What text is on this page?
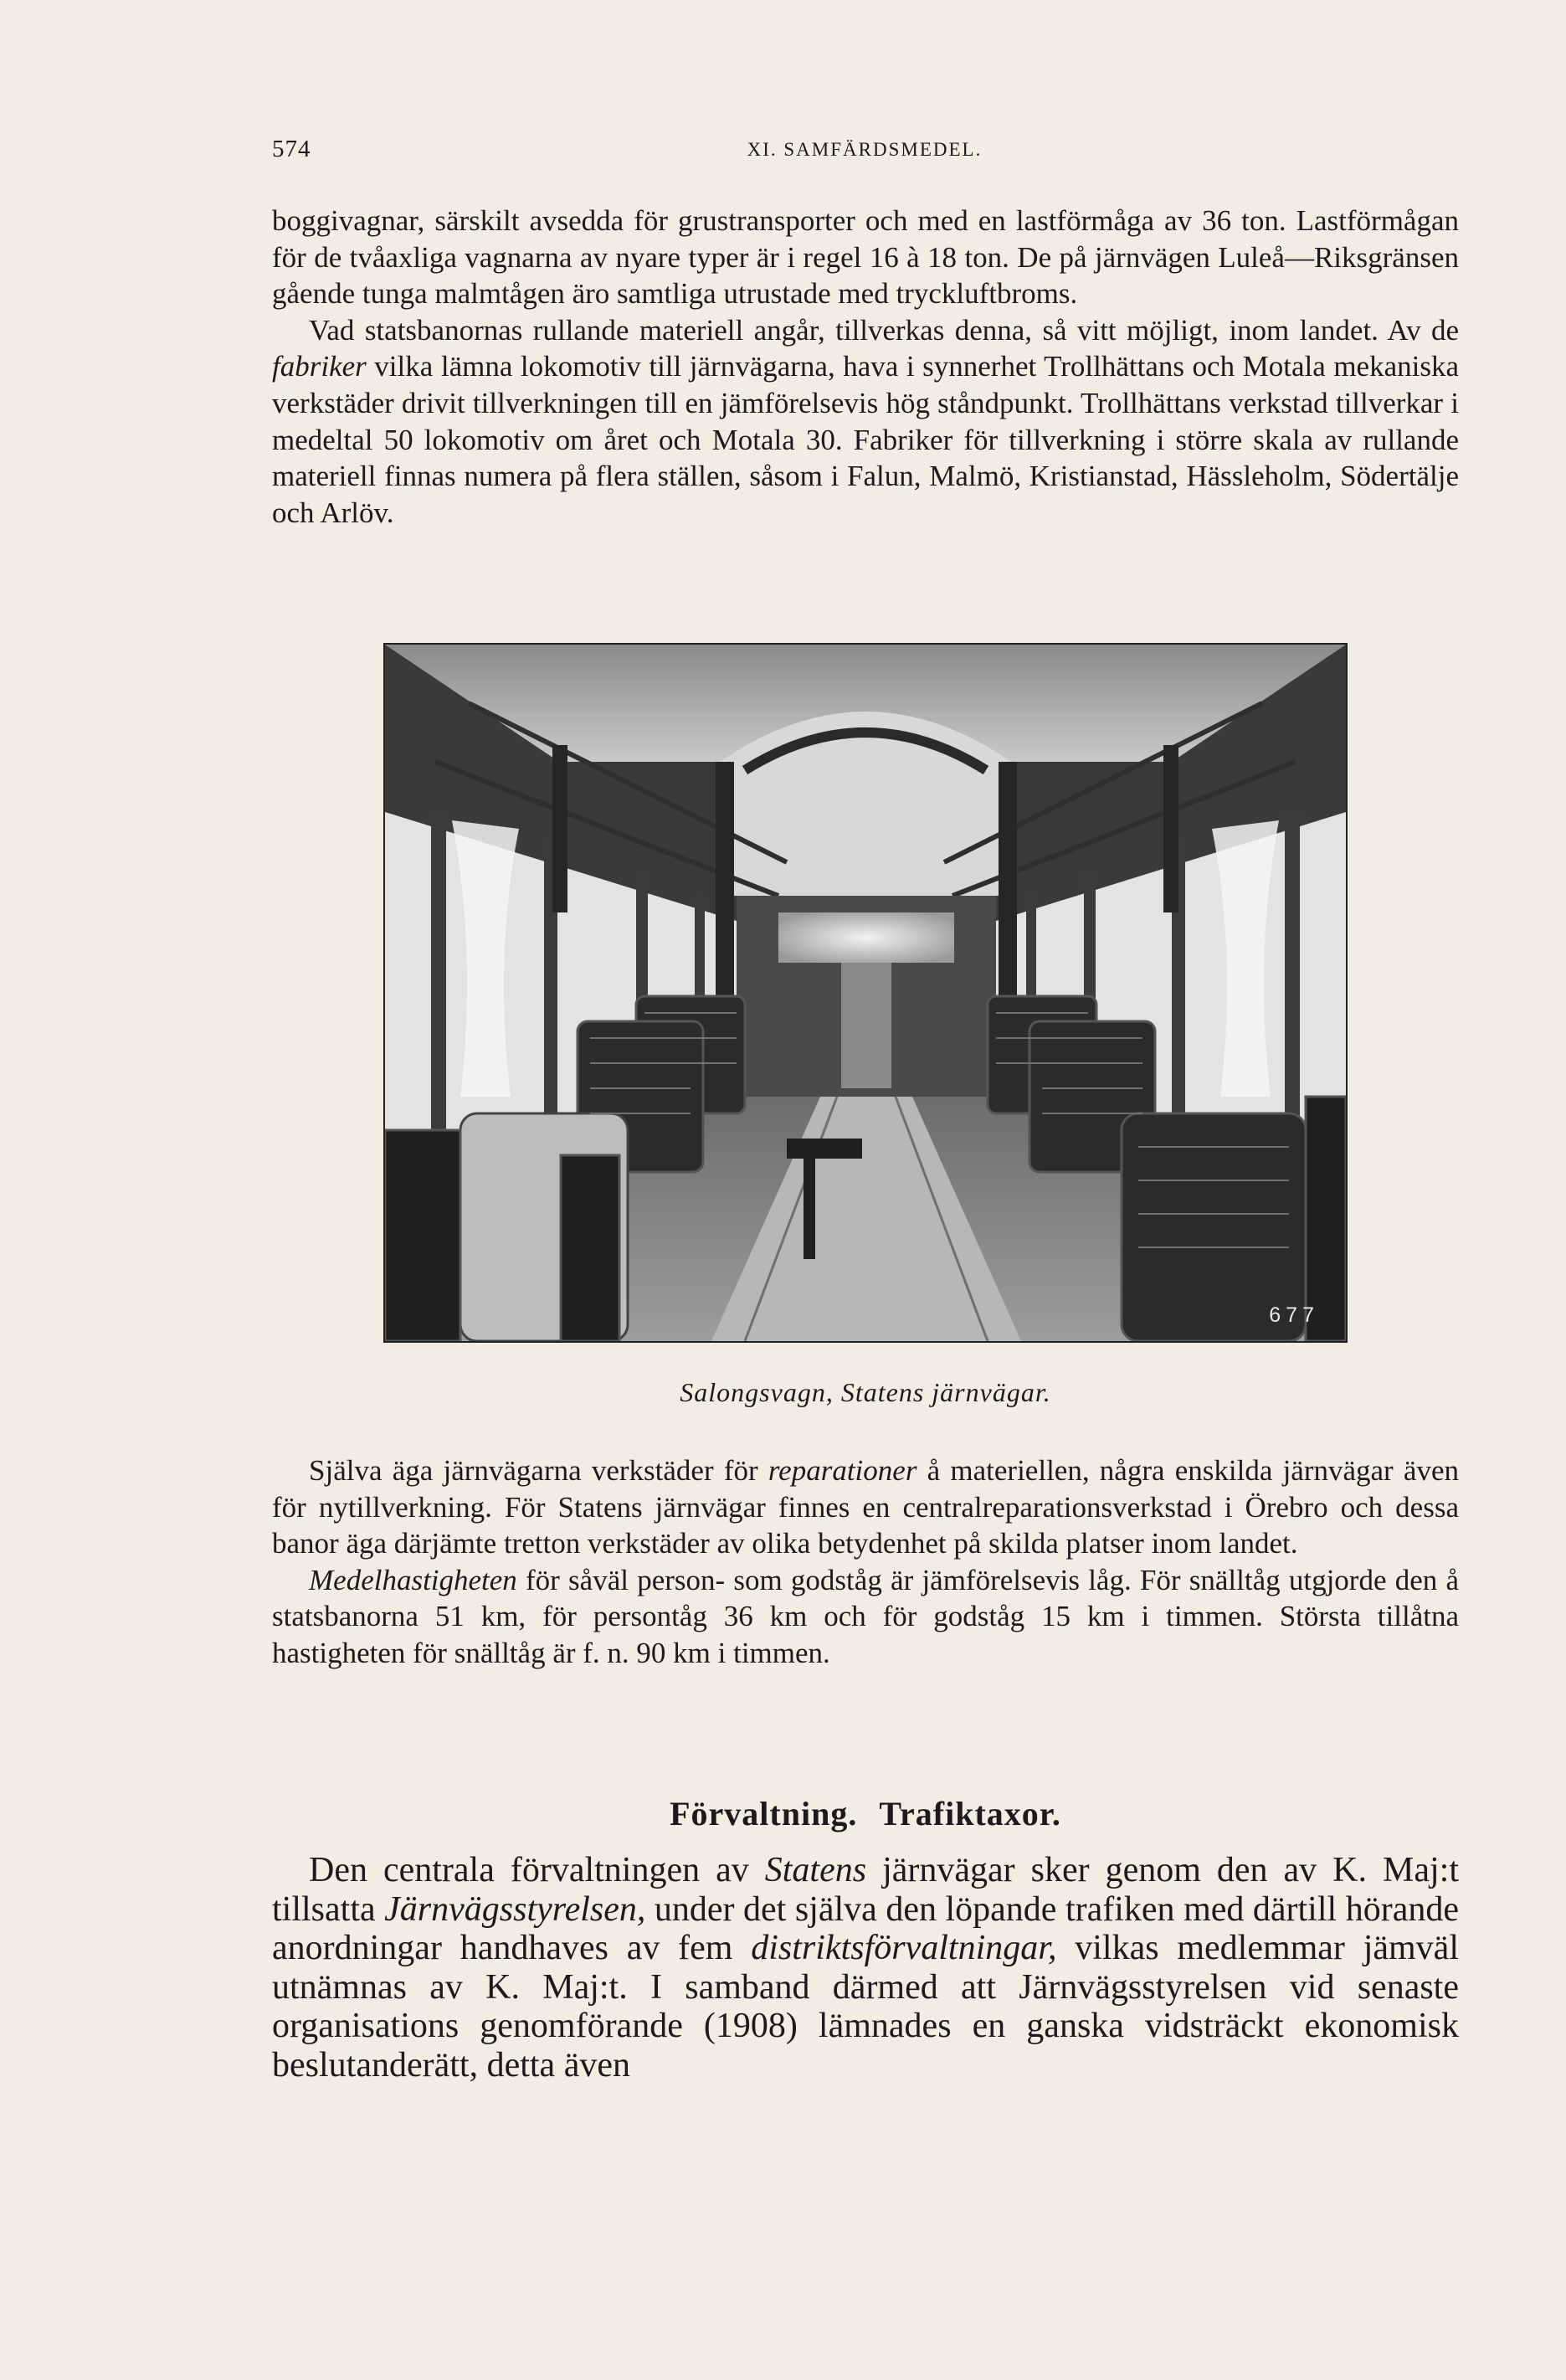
574	XI. SAMFÄRDSMEDEL.

boggivagnar, särskilt avsedda för grustransporter och med en lastförmåga av 36 ton. Lastförmågan för de tvåaxliga vagnarna av nyare typer är i regel 16 à 18 ton. De på järnvägen Luleå—Riksgränsen gående tunga malmtågen äro samtliga utrustade med tryckluftbroms.

Vad statsbanornas rullande materiell angår, tillverkas denna, så vitt möjligt, inom landet. Av de fabriker vilka lämna lokomotiv till järnvägarna, hava i synnerhet Trollhättans och Motala mekaniska verkstäder drivit tillverkningen till en jämförelsevis hög ståndpunkt. Trollhättans verkstad tillverkar i medeltal 50 lokomotiv om året och Motala 30. Fabriker för tillverkning i större skala av rullande materiell finnas numera på flera ställen, såsom i Falun, Malmö, Kristianstad, Hässleholm, Södertälje och Arlöv.

677
Salongsvagn, Statens järnvägar.

Själva äga järnvägarna verkstäder för reparationer å materiellen, några enskilda järnvägar även för nytillverkning. För Statens järnvägar finnes en centralreparationsverkstad i Örebro och dessa banor äga därjämte tretton verkstäder av olika betydenhet på skilda platser inom landet.

Medelhastigheten för såväl person- som godståg är jämförelsevis låg. För snälltåg utgjorde den å statsbanorna 51 km, för persontåg 36 km och för godståg 15 km i timmen. Största tillåtna hastigheten för snälltåg är f. n. 90 km i timmen.

Förvaltning. Trafiktaxor.

Den centrala förvaltningen av Statens järnvägar sker genom den av K. Maj:t tillsatta Järnvägsstyrelsen, under det själva den löpande trafiken med därtill hörande anordningar handhaves av fem distriktsförvaltningar, vilkas medlemmar jämväl utnämnas av K. Maj:t. I samband därmed att Järnvägsstyrelsen vid senaste organisations genomförande (1908) lämnades en ganska vidsträckt ekonomisk beslutanderätt, detta även
